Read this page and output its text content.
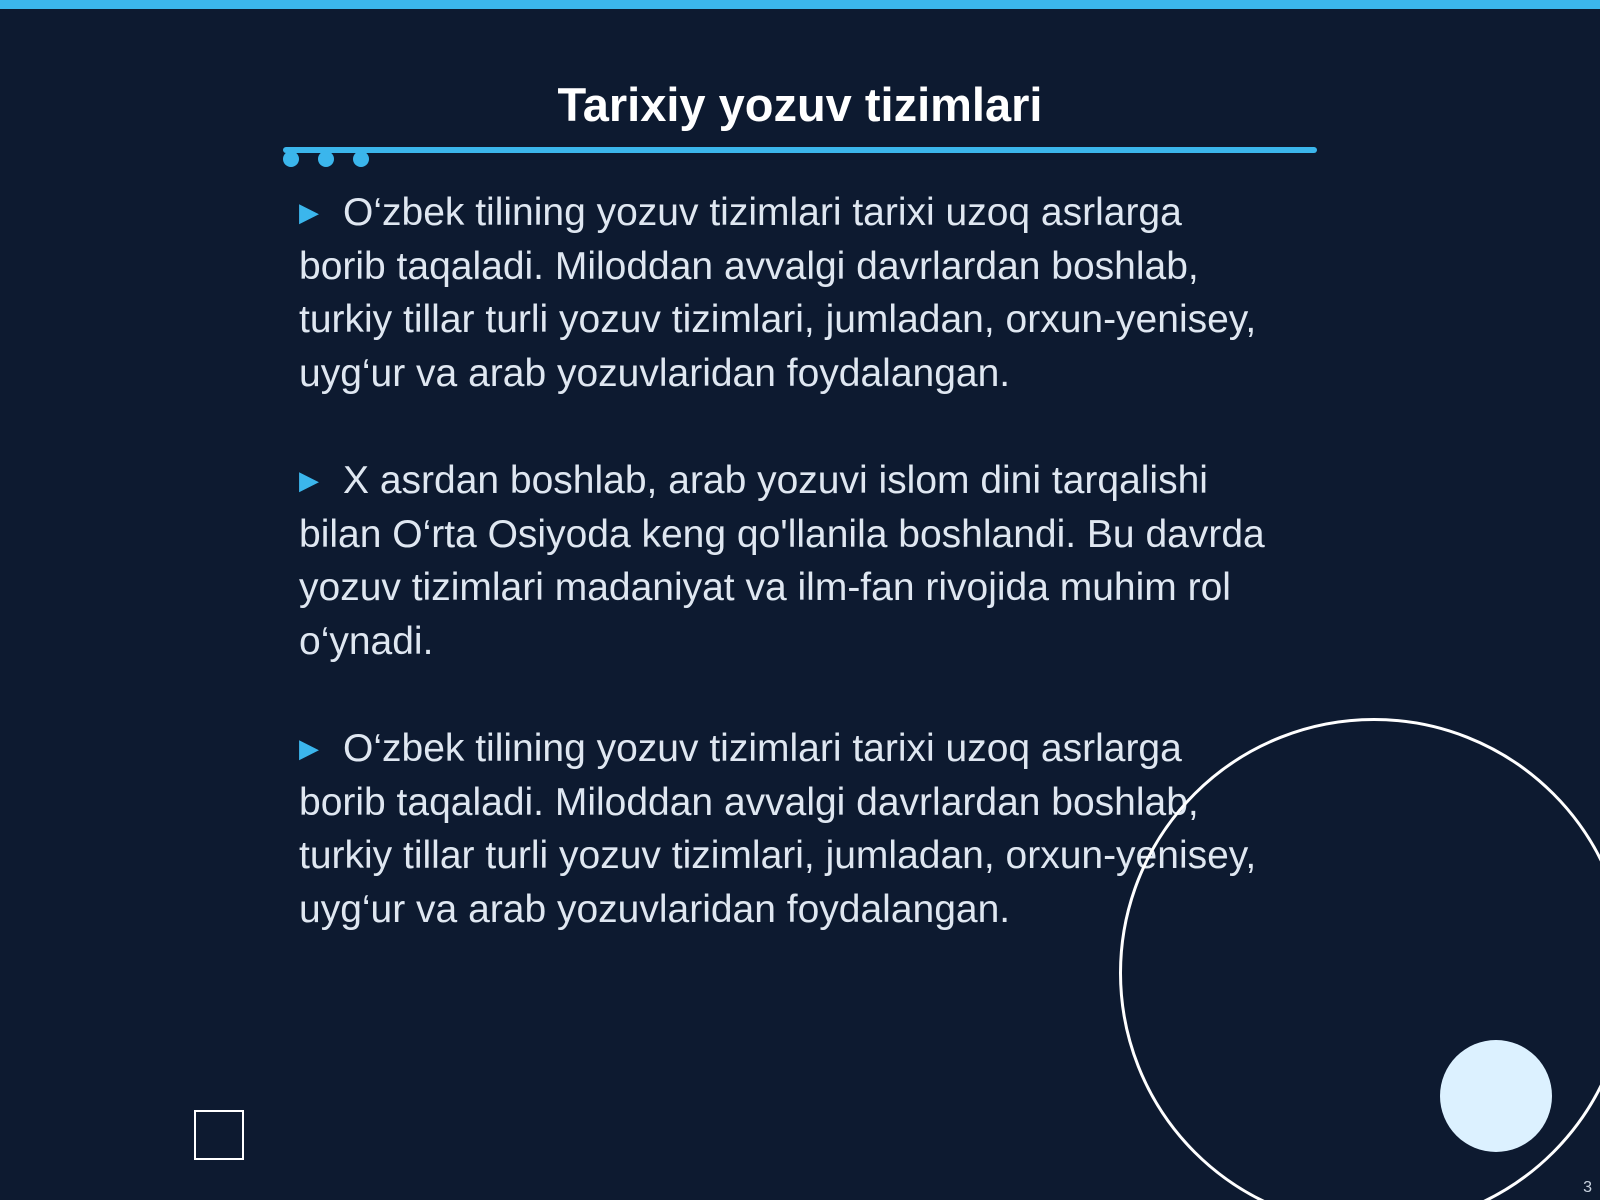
Tarixiy yozuv tizimlari

▶ O‘zbek tilining yozuv tizimlari tarixi uzoq asrlarga borib taqaladi. Miloddan avvalgi davrlardan boshlab, turkiy tillar turli yozuv tizimlari, jumladan, orxun-yenisey, uyg‘ur va arab yozuvlaridan foydalangan.

▶ X asrdan boshlab, arab yozuvi islom dini tarqalishi bilan O‘rta Osiyoda keng qo'llanila boshlandi. Bu davrda yozuv tizimlari madaniyat va ilm-fan rivojida muhim rol o‘ynadi.

▶ O‘zbek tilining yozuv tizimlari tarixi uzoq asrlarga borib taqaladi. Miloddan avvalgi davrlardan boshlab, turkiy tillar turli yozuv tizimlari, jumladan, orxun-yenisey, uyg‘ur va arab yozuvlaridan foydalangan.

3
